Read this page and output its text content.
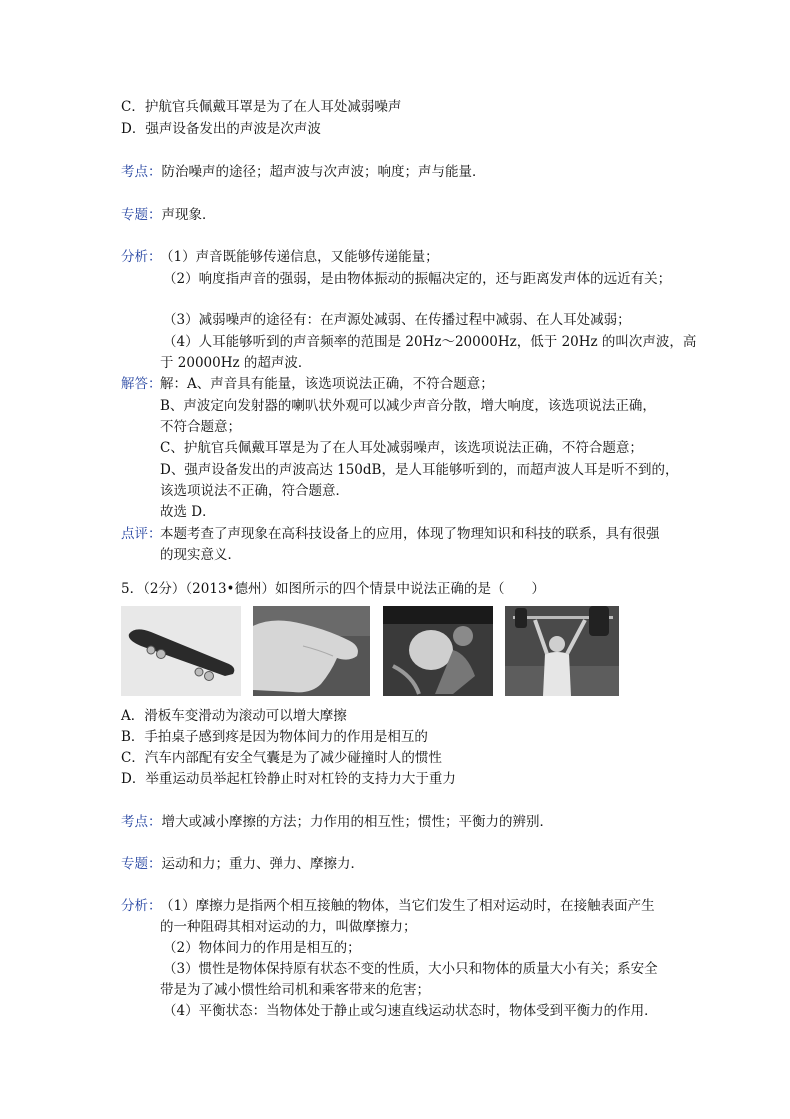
C．护航官兵佩戴耳罩是为了在人耳处减弱噪声
D．强声设备发出的声波是次声波
考点：防治噪声的途径；超声波与次声波；响度；声与能量．
专题：声现象．
分析：
（1）声音既能够传递信息，又能够传递能量；
（2）响度指声音的强弱，是由物体振动的振幅决定的，还与距离发声体的远近有关；
（3）减弱噪声的途径有：在声源处减弱、在传播过程中减弱、在人耳处减弱；
（4）人耳能够听到的声音频率的范围是 20Hz～20000Hz，低于 20Hz 的叫次声波，高
于 20000Hz 的超声波．
解答：
解：A、声音具有能量，该选项说法正确，不符合题意；
B、声波定向发射器的喇叭状外观可以减少声音分散，增大响度，该选项说法正确，
不符合题意；
C、护航官兵佩戴耳罩是为了在人耳处减弱噪声，该选项说法正确，不符合题意；
D、强声设备发出的声波高达 150dB，是人耳能够听到的，而超声波人耳是听不到的，
该选项说法不正确，符合题意．
故选 D．
点评：
本题考查了声现象在高科技设备上的应用，体现了物理知识和科技的联系，具有很强
的现实意义．
5．（2分）（2013•德州）如图所示的四个情景中说法正确的是（　　）
A．滑板车变滑动为滚动可以增大摩擦
B．手拍桌子感到疼是因为物体间力的作用是相互的
C．汽车内部配有安全气囊是为了减少碰撞时人的惯性
D．举重运动员举起杠铃静止时对杠铃的支持力大于重力
考点：增大或减小摩擦的方法；力作用的相互性；惯性；平衡力的辨别．
专题：运动和力；重力、弹力、摩擦力．
分析：
（1）摩擦力是指两个相互接触的物体，当它们发生了相对运动时，在接触表面产生
的一种阻碍其相对运动的力，叫做摩擦力；
（2）物体间力的作用是相互的；
（3）惯性是物体保持原有状态不变的性质，大小只和物体的质量大小有关；系安全
带是为了减小惯性给司机和乘客带来的危害；
（4）平衡状态：当物体处于静止或匀速直线运动状态时，物体受到平衡力的作用．
